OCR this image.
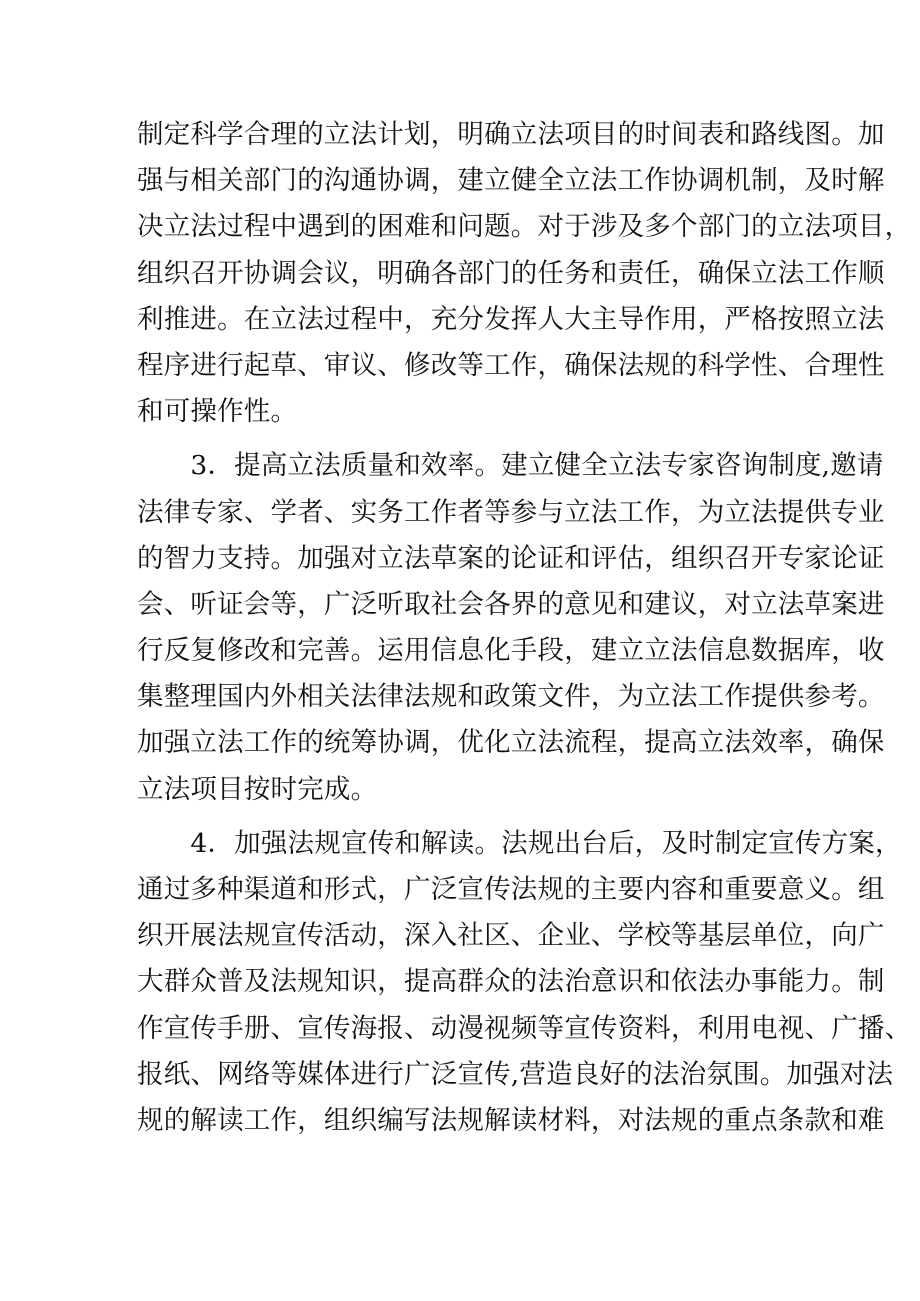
制定科学合理的立法计划，明确立法项目的时间表和路线图。加
强与相关部门的沟通协调，建立健全立法工作协调机制，及时解
决立法过程中遇到的困难和问题。对于涉及多个部门的立法项目，
组织召开协调会议，明确各部门的任务和责任，确保立法工作顺
利推进。在立法过程中，充分发挥人大主导作用，严格按照立法
程序进行起草、审议、修改等工作，确保法规的科学性、合理性
和可操作性。
　　3．提高立法质量和效率。建立健全立法专家咨询制度,邀请
法律专家、学者、实务工作者等参与立法工作，为立法提供专业
的智力支持。加强对立法草案的论证和评估，组织召开专家论证
会、听证会等，广泛听取社会各界的意见和建议，对立法草案进
行反复修改和完善。运用信息化手段，建立立法信息数据库，收
集整理国内外相关法律法规和政策文件，为立法工作提供参考。
加强立法工作的统筹协调，优化立法流程，提高立法效率，确保
立法项目按时完成。
　　4．加强法规宣传和解读。法规出台后，及时制定宣传方案，
通过多种渠道和形式，广泛宣传法规的主要内容和重要意义。组
织开展法规宣传活动，深入社区、企业、学校等基层单位，向广
大群众普及法规知识，提高群众的法治意识和依法办事能力。制
作宣传手册、宣传海报、动漫视频等宣传资料，利用电视、广播、
报纸、网络等媒体进行广泛宣传,营造良好的法治氛围。加强对法
规的解读工作，组织编写法规解读材料，对法规的重点条款和难
